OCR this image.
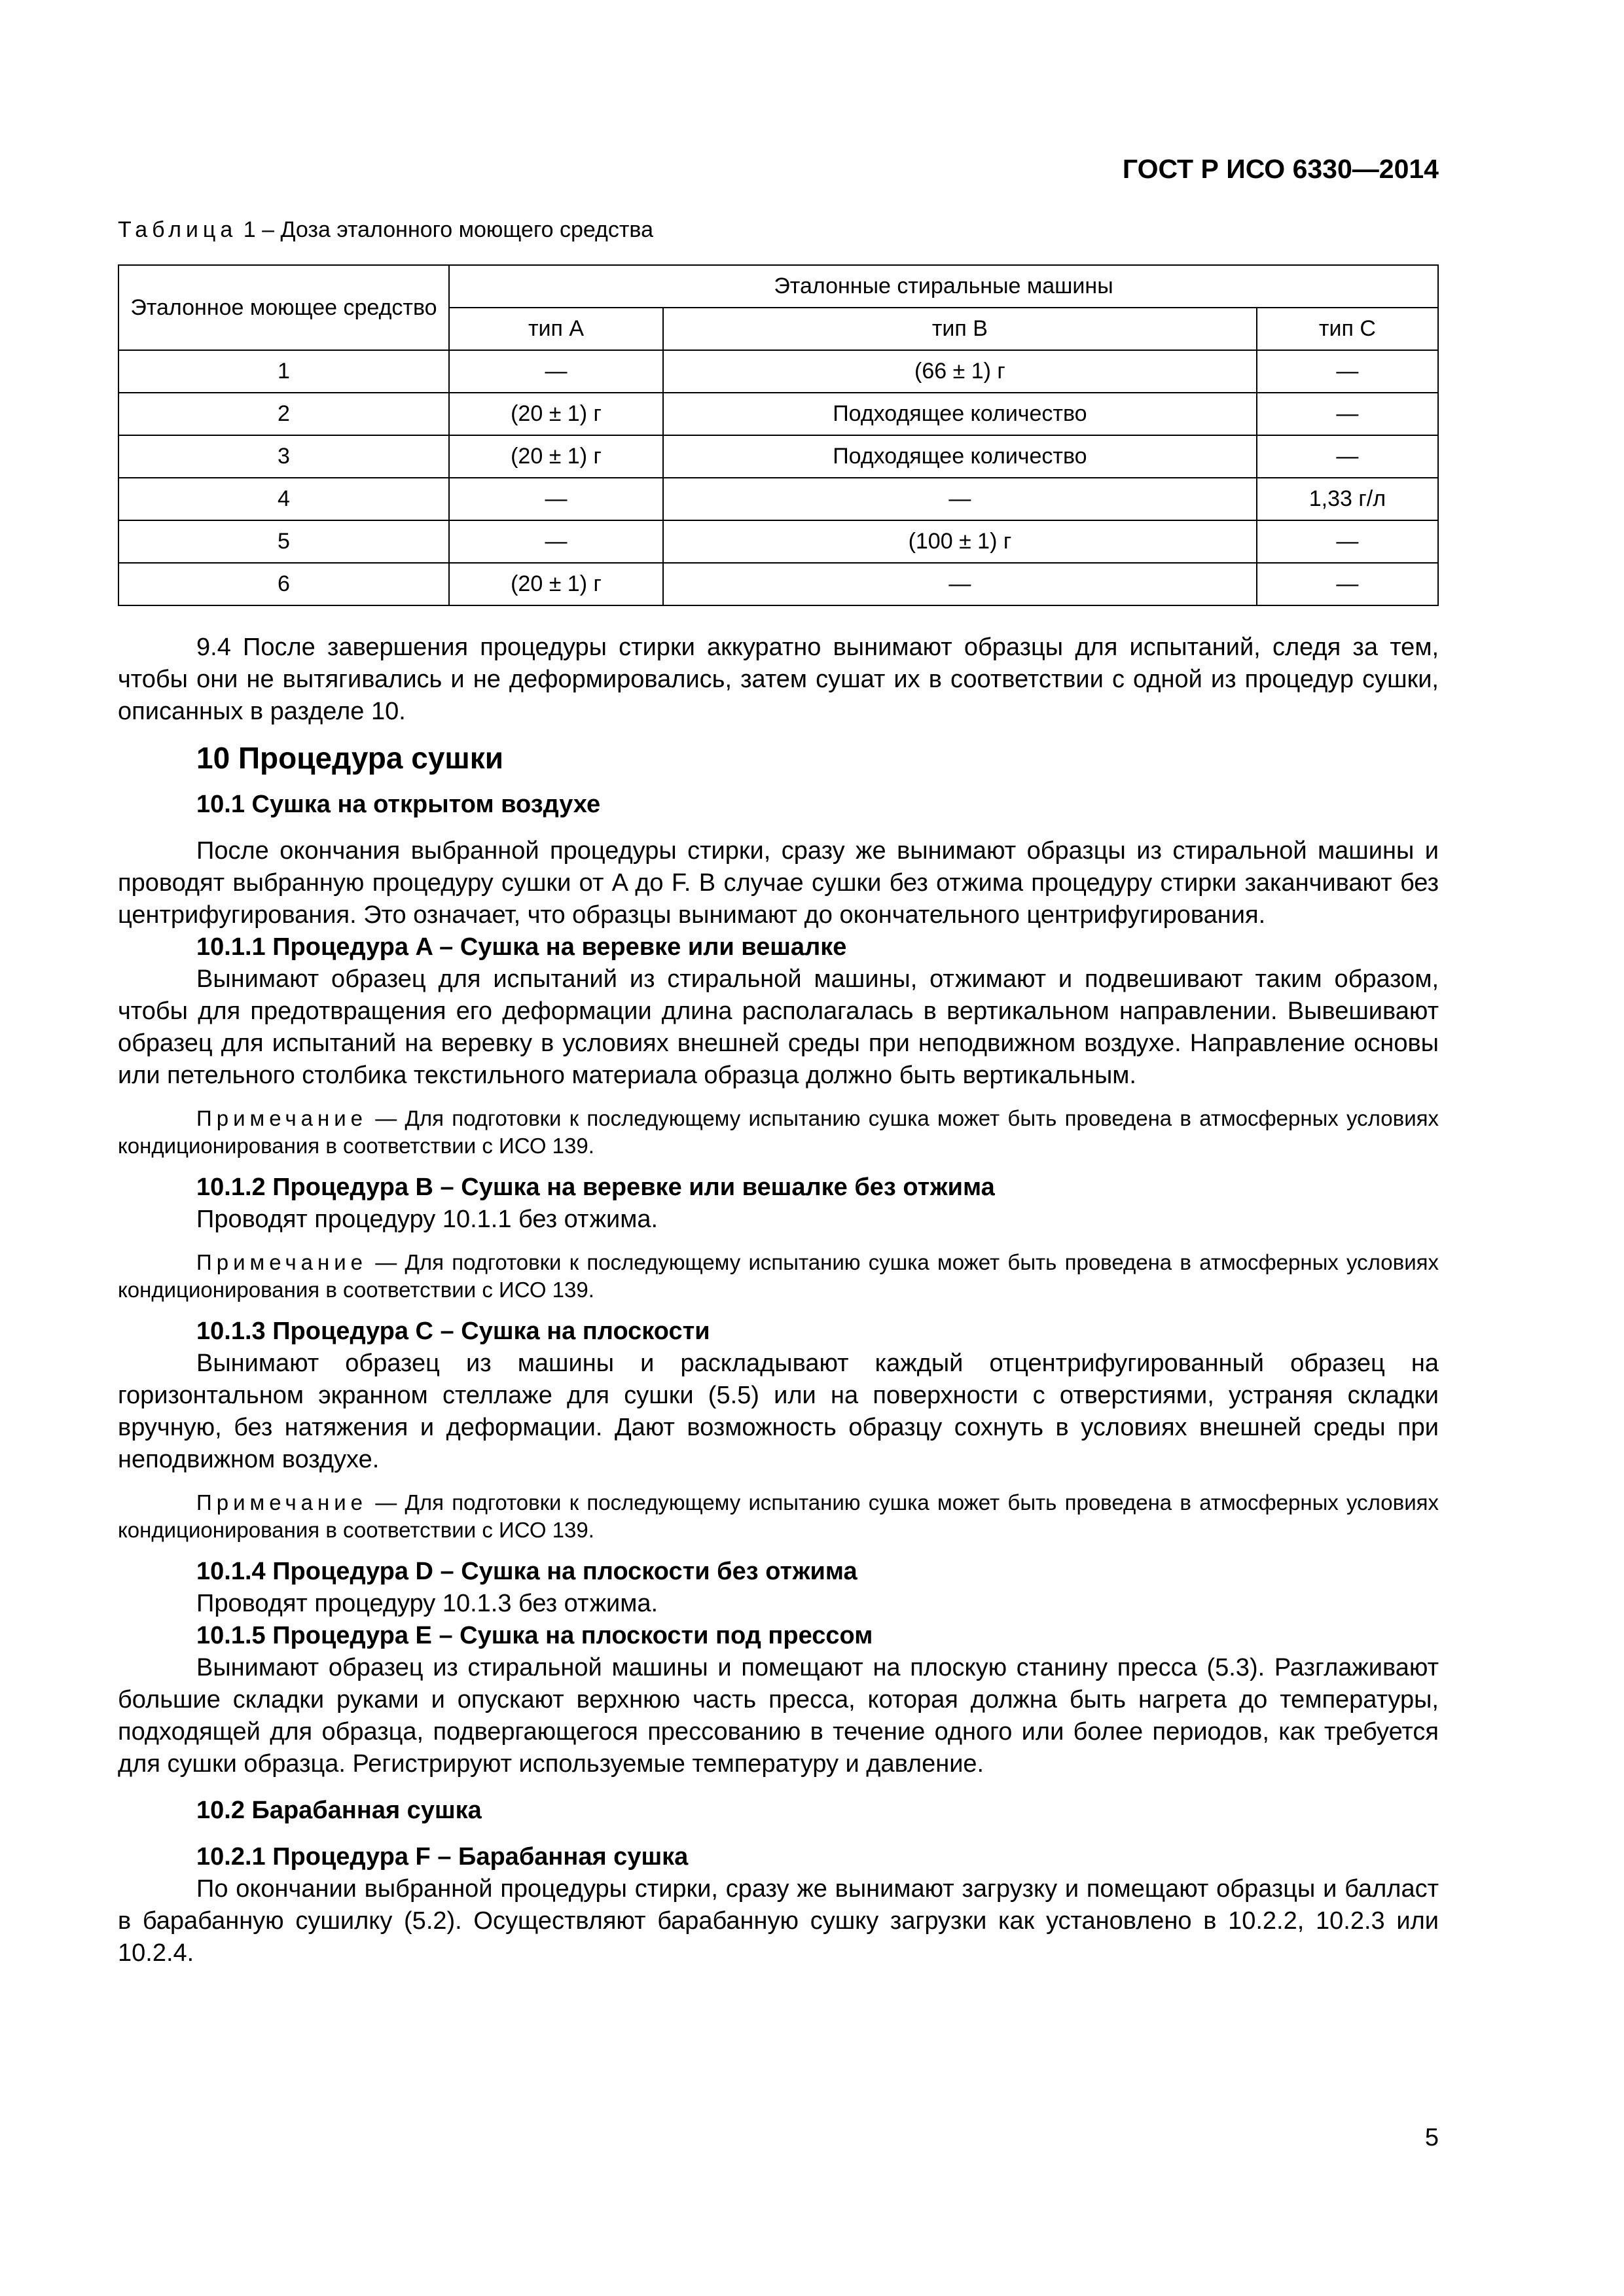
ГОСТ Р ИСО 6330—2014
Таблица 1 – Доза эталонного моющего средства
Эталонное моющее средство	Эталонные стиральные машины		
	тип A	тип B	тип C
1	—	(66 ± 1) г	—
2	(20 ± 1) г	Подходящее количество	—
3	(20 ± 1) г	Подходящее количество	—
4	—	—	1,33 г/л
5	—	(100 ± 1) г	—
6	(20 ± 1) г	—	—

9.4 После завершения процедуры стирки аккуратно вынимают образцы для испытаний, следя за тем, чтобы они не вытягивались и не деформировались, затем сушат их в соответствии с одной из процедур сушки, описанных в разделе 10.

10 Процедура сушки

10.1 Сушка на открытом воздухе

После окончания выбранной процедуры стирки, сразу же вынимают образцы из стиральной машины и проводят выбранную процедуру сушки от A до F. В случае сушки без отжима процедуру стирки заканчивают без центрифугирования. Это означает, что образцы вынимают до окончательного центрифугирования.

10.1.1 Процедура A – Сушка на веревке или вешалке

Вынимают образец для испытаний из стиральной машины, отжимают и подвешивают таким образом, чтобы для предотвращения его деформации длина располагалась в вертикальном направлении. Вывешивают образец для испытаний на веревку в условиях внешней среды при неподвижном воздухе. Направление основы или петельного столбика текстильного материала образца должно быть вертикальным.

Примечание — Для подготовки к последующему испытанию сушка может быть проведена в атмосферных условиях кондиционирования в соответствии с ИСО 139.

10.1.2 Процедура B – Сушка на веревке или вешалке без отжима

Проводят процедуру 10.1.1 без отжима.

Примечание — Для подготовки к последующему испытанию сушка может быть проведена в атмосферных условиях кондиционирования в соответствии с ИСО 139.

10.1.3 Процедура C – Сушка на плоскости

Вынимают образец из машины и раскладывают каждый отцентрифугированный образец на горизонтальном экранном стеллаже для сушки (5.5) или на поверхности с отверстиями, устраняя складки вручную, без натяжения и деформации. Дают возможность образцу сохнуть в условиях внешней среды при неподвижном воздухе.

Примечание — Для подготовки к последующему испытанию сушка может быть проведена в атмосферных условиях кондиционирования в соответствии с ИСО 139.

10.1.4 Процедура D – Сушка на плоскости без отжима

Проводят процедуру 10.1.3 без отжима.

10.1.5 Процедура E – Сушка на плоскости под прессом

Вынимают образец из стиральной машины и помещают на плоскую станину пресса (5.3). Разглаживают большие складки руками и опускают верхнюю часть пресса, которая должна быть нагрета до температуры, подходящей для образца, подвергающегося прессованию в течение одного или более периодов, как требуется для сушки образца. Регистрируют используемые температуру и давление.

10.2 Барабанная сушка

10.2.1 Процедура F – Барабанная сушка

По окончании выбранной процедуры стирки, сразу же вынимают загрузку и помещают образцы и балласт в барабанную сушилку (5.2). Осуществляют барабанную сушку загрузки как установлено в 10.2.2, 10.2.3 или 10.2.4.

5
